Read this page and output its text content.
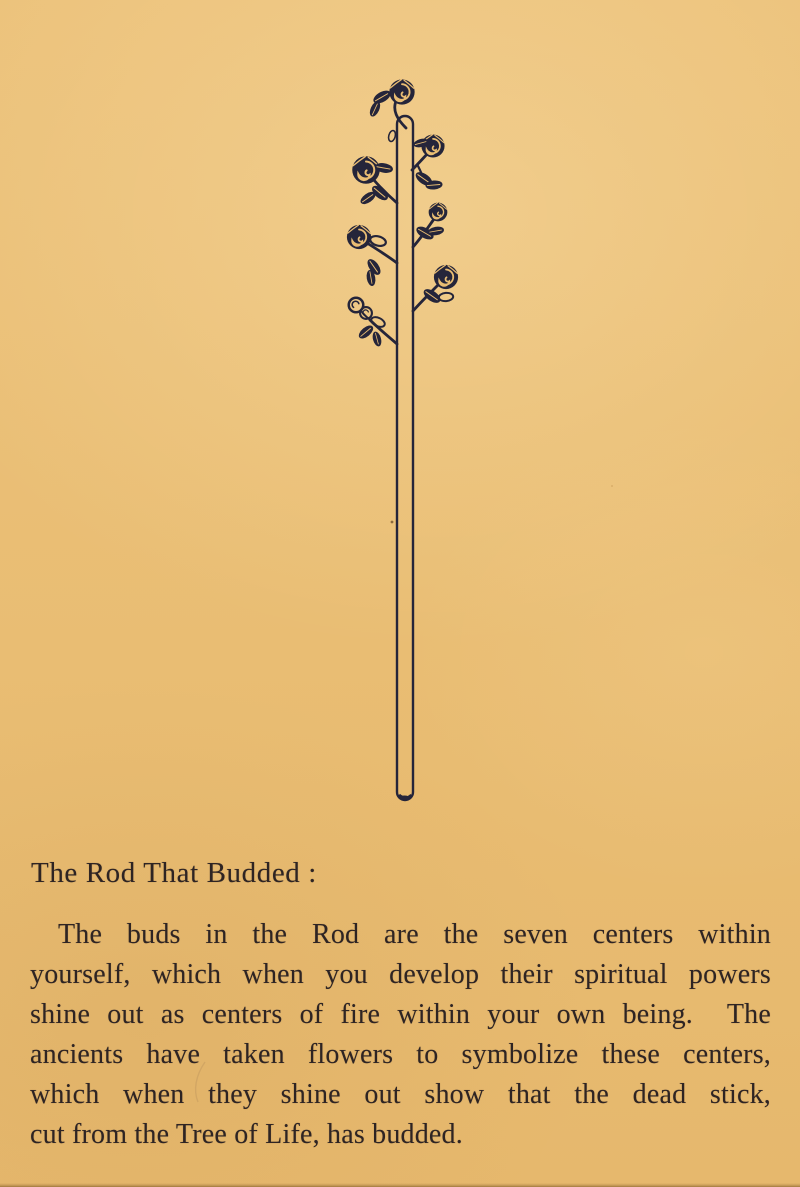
The Rod That Budded :
The buds in the Rod are the seven centers within
yourself, which when you develop their spiritual powers
shine out as centers of fire within your own being.  The
ancients have taken flowers to symbolize these centers,
which when they shine out show that the dead stick,
cut from the Tree of Life, has budded.
